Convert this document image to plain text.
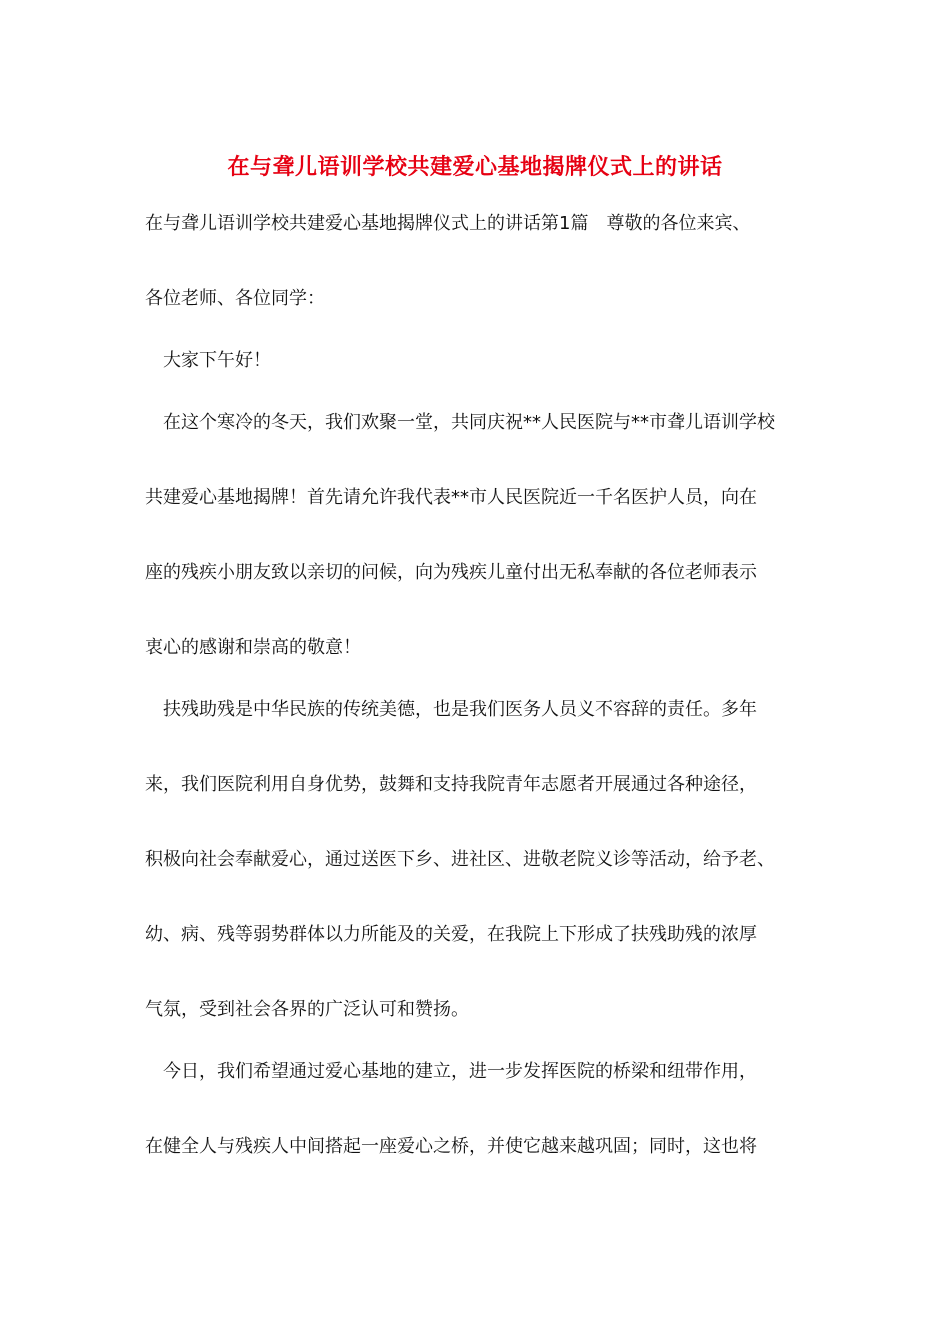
在与聋儿语训学校共建爱心基地揭牌仪式上的讲话
在与聋儿语训学校共建爱心基地揭牌仪式上的讲话第1篇　尊敬的各位来宾、
各位老师、各位同学：
大家下午好！
在这个寒冷的冬天，我们欢聚一堂，共同庆祝**人民医院与**市聋儿语训学校
共建爱心基地揭牌！首先请允许我代表**市人民医院近一千名医护人员，向在
座的残疾小朋友致以亲切的问候，向为残疾儿童付出无私奉献的各位老师表示
衷心的感谢和崇高的敬意！
扶残助残是中华民族的传统美德，也是我们医务人员义不容辞的责任。多年
来，我们医院利用自身优势，鼓舞和支持我院青年志愿者开展通过各种途径，
积极向社会奉献爱心，通过送医下乡、进社区、进敬老院义诊等活动，给予老、
幼、病、残等弱势群体以力所能及的关爱，在我院上下形成了扶残助残的浓厚
气氛，受到社会各界的广泛认可和赞扬。
今日，我们希望通过爱心基地的建立，进一步发挥医院的桥梁和纽带作用，
在健全人与残疾人中间搭起一座爱心之桥，并使它越来越巩固；同时，这也将
